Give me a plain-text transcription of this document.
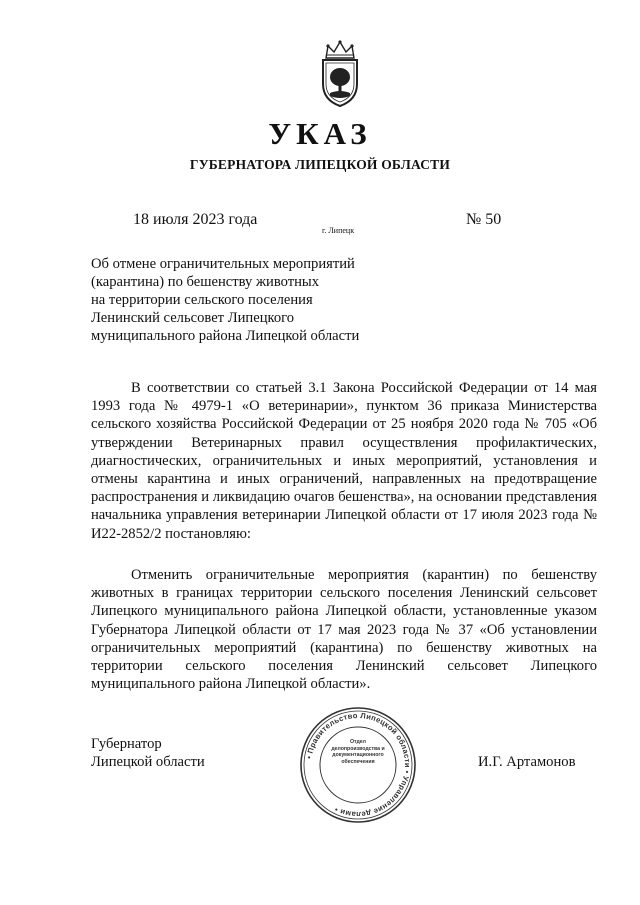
УКАЗ
ГУБЕРНАТОРА ЛИПЕЦКОЙ ОБЛАСТИ
18 июля 2023 года
г. Липецк
№ 50
Об отмене ограничительных мероприятий
(карантина) по бешенству животных
на территории сельского поселения
Ленинский сельсовет Липецкого
муниципального района Липецкой области
В соответствии со статьей 3.1 Закона Российской Федерации от 14 мая 1993 года № 4979-1 «О ветеринарии», пунктом 36 приказа Министерства сельского хозяйства Российской Федерации от 25 ноября 2020 года № 705 «Об утверждении Ветеринарных правил осуществления профилактических, диагностических, ограничительных и иных мероприятий, установления и отмены карантина и иных ограничений, направленных на предотвращение распространения и ликвидацию очагов бешенства», на основании представления начальника управления ветеринарии Липецкой области от 17 июля 2023 года № И22-2852/2 постановляю:
Отменить ограничительные мероприятия (карантин) по бешенству животных в границах территории сельского поселения Ленинский сельсовет Липецкого муниципального района Липецкой области, установленные указом Губернатора Липецкой области от 17 мая 2023 года № 37 «Об установлении ограничительных мероприятий (карантина) по бешенству животных на территории сельского поселения Ленинский сельсовет Липецкого муниципального района Липецкой области».
Губернатор
Липецкой области	• Правительство Липецкой области • Управление делами •
Отдел
делопроизводства и
документационного
обеспечения	И.Г. Артамонов
